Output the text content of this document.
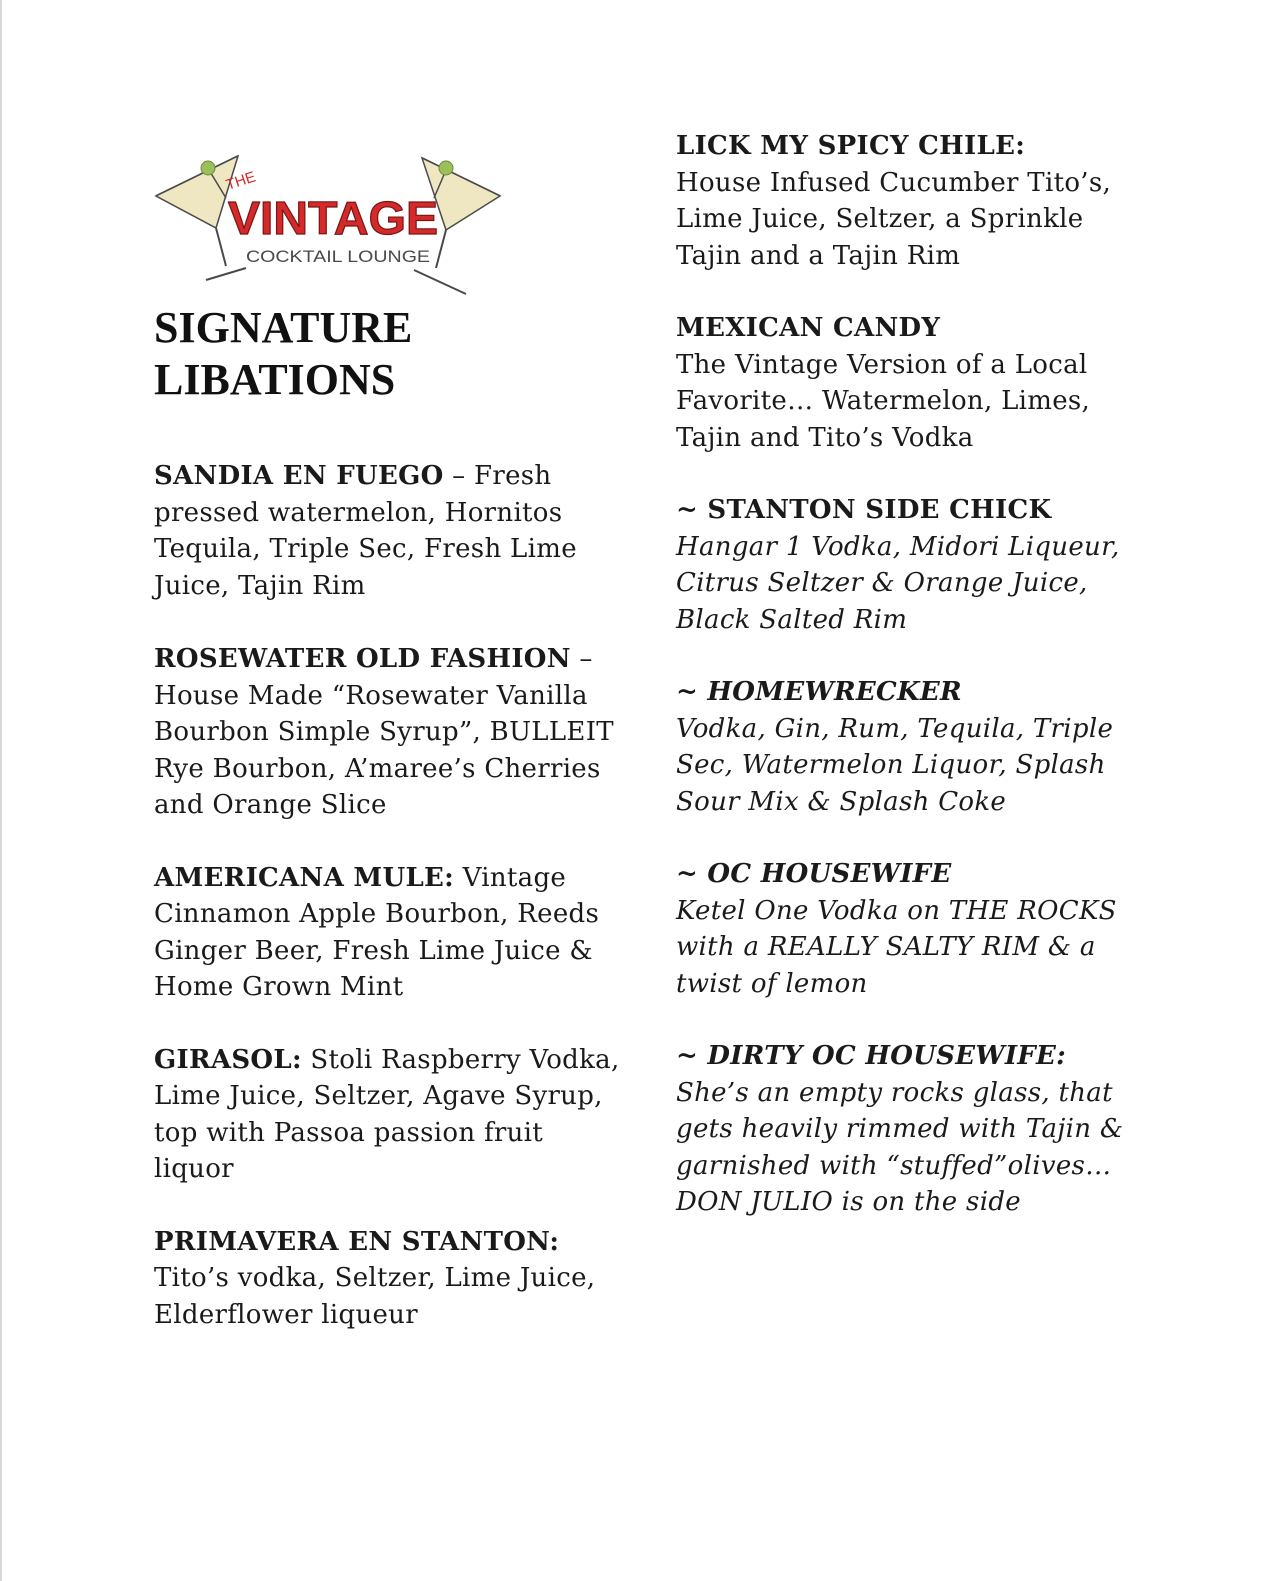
THE
VINTAGE
COCKTAIL LOUNGE
SIGNATURE
LIBATIONS
SANDIA EN FUEGO – Fresh pressed watermelon, Hornitos Tequila, Triple Sec, Fresh Lime Juice, Tajin Rim
ROSEWATER OLD FASHION – House Made “Rosewater Vanilla Bourbon Simple Syrup”, BULLEIT Rye Bourbon, A’maree’s Cherries and Orange Slice
AMERICANA MULE: Vintage Cinnamon Apple Bourbon, Reeds Ginger Beer, Fresh Lime Juice & Home Grown Mint
GIRASOL: Stoli Raspberry Vodka, Lime Juice, Seltzer, Agave Syrup, top with Passoa passion fruit liquor
PRIMAVERA EN STANTON:
Tito’s vodka, Seltzer, Lime Juice, Elderflower liqueur
LICK MY SPICY CHILE:
House Infused Cucumber Tito’s, Lime Juice, Seltzer, a Sprinkle Tajin and a Tajin Rim
MEXICAN CANDY
The Vintage Version of a Local Favorite… Watermelon, Limes, Tajin and Tito’s Vodka
~ STANTON SIDE CHICK
Hangar 1 Vodka, Midori Liqueur, Citrus Seltzer & Orange Juice, Black Salted Rim
~ HOMEWRECKER
Vodka, Gin, Rum, Tequila, Triple Sec, Watermelon Liquor, Splash Sour Mix & Splash Coke
~ OC HOUSEWIFE
Ketel One Vodka on THE ROCKS with a REALLY SALTY RIM & a twist of lemon
~ DIRTY OC HOUSEWIFE:
She’s an empty rocks glass, that gets heavily rimmed with Tajin & garnished with “stuffed”olives… DON JULIO is on the side
